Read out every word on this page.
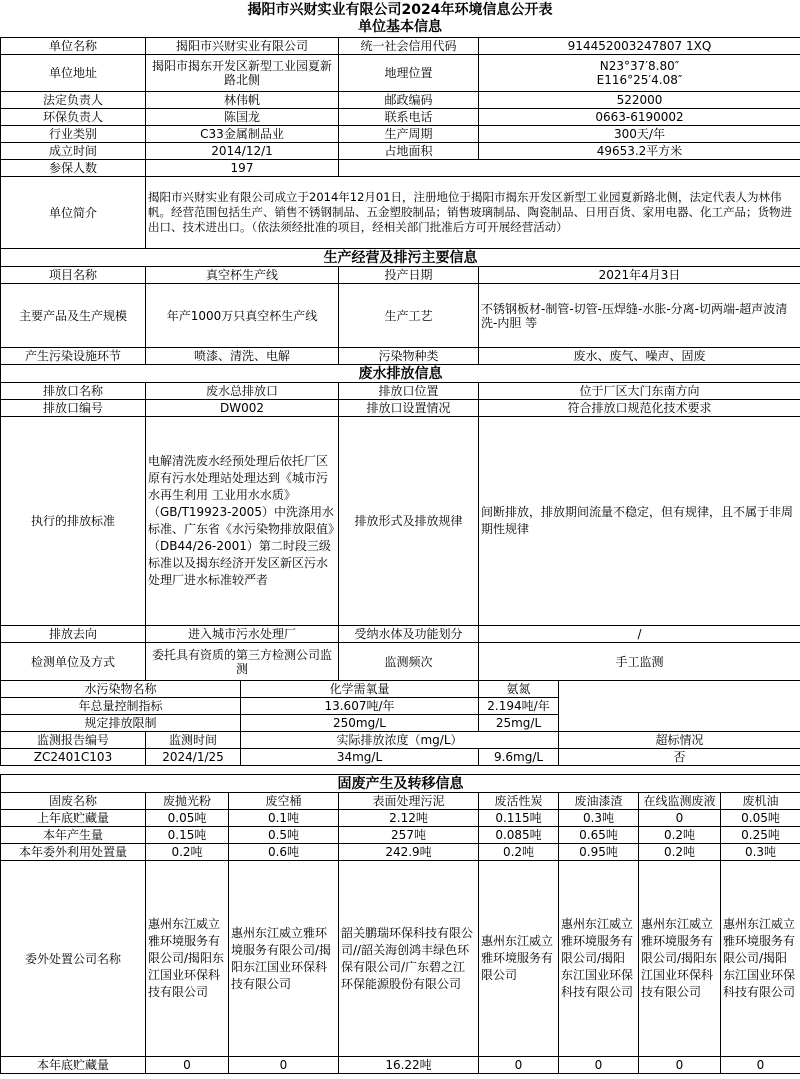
揭阳市兴财实业有限公司2024年环境信息公开表
单位基本信息
单位名称	揭阳市兴财实业有限公司	统一社会信用代码	914452003247807 1XQ
单位地址	揭阳市揭东开发区新型工业园夏新路北侧	地理位置	N23°37′8.80″
E116°25′4.08″

法定负责人	林伟帆	邮政编码	522000
环保负责人	陈国龙	联系电话	0663-6190002
行业类别	C33金属制品业	生产周期	300天/年
成立时间	2014/12/1	占地面积	49653.2平方米
参保人数	197		
单位简介	揭阳市兴财实业有限公司成立于2014年12月01日，注册地位于揭阳市揭东开发区新型工业园夏新路北侧，法定代表人为林伟帆。经营范围包括生产、销售不锈钢制品、五金塑胶制品；销售玻璃制品、陶瓷制品、日用百货、家用电器、化工产品；货物进出口、技术进出口。（依法须经批准的项目，经相关部门批准后方可开展经营活动）		
生产经营及排污主要信息			
项目名称	真空杯生产线	投产日期	2021年4月3日
主要产品及生产规模	年产1000万只真空杯生产线	生产工艺	不锈钢板材-制管-切管-压焊缝-水胀-分离-切两端-超声波清洗-内胆 等
产生污染设施环节	喷漆、清洗、电解	污染物种类	废水、废气、噪声、固废
废水排放信息					
排放口名称	废水总排放口		排放口位置	位于厂区大门东南方向	
排放口编号	DW002		排放口设置情况	符合排放口规范化技术要求	
执行的排放标准	电解清洗废水经预处理后依托厂区原有污水处理站处理达到《城市污水再生利用 工业用水水质》（GB/T19923-2005）中洗涤用水标准、广东省《水污染物排放限值》（DB44/26-2001）第二时段三级标准以及揭东经济开发区新区污水处理厂进水标准较严者		排放形式及排放规律	间断排放，排放期间流量不稳定，但有规律，且不属于非周期性规律	
排放去向	进入城市污水处理厂		受纳水体及功能划分	/	
检测单位及方式	委托具有资质的第三方检测公司监测		监测频次	手工监测	
水污染物名称		化学需氧量		氨氮	
年总量控制指标		13.607吨/年		2.194吨/年	
规定排放限制		250mg/L		25mg/L	
监测报告编号	监测时间	实际排放浓度（mg/L）			超标情况
ZC2401C103	2024/1/25	34mg/L		9.6mg/L	否
固废产生及转移信息							
固废名称	废抛光粉	废空桶	表面处理污泥	废活性炭	废油漆渣	在线监测废液	废机油
上年底贮藏量	0.05吨	0.1吨	2.12吨	0.115吨	0.3吨	0	0.05吨
本年产生量	0.15吨	0.5吨	257吨	0.085吨	0.65吨	0.2吨	0.25吨
本年委外利用处置量	0.2吨	0.6吨	242.9吨	0.2吨	0.95吨	0.2吨	0.3吨
委外处置公司名称	惠州东江威立雅环境服务有限公司/揭阳东江国业环保科技有限公司	惠州东江威立雅环境服务有限公司/揭阳东江国业环保科技有限公司	韶关鹏瑞环保科技有限公司//韶关海创鸿丰绿色环保有限公司/广东碧之江环保能源股份有限公司	惠州东江威立雅环境服务有限公司	惠州东江威立雅环境服务有限公司/揭阳东江国业环保科技有限公司	惠州东江威立雅环境服务有限公司/揭阳东江国业环保科技有限公司	惠州东江威立雅环境服务有限公司/揭阳东江国业环保科技有限公司
本年底贮藏量	0	0	16.22吨	0	0	0	0
